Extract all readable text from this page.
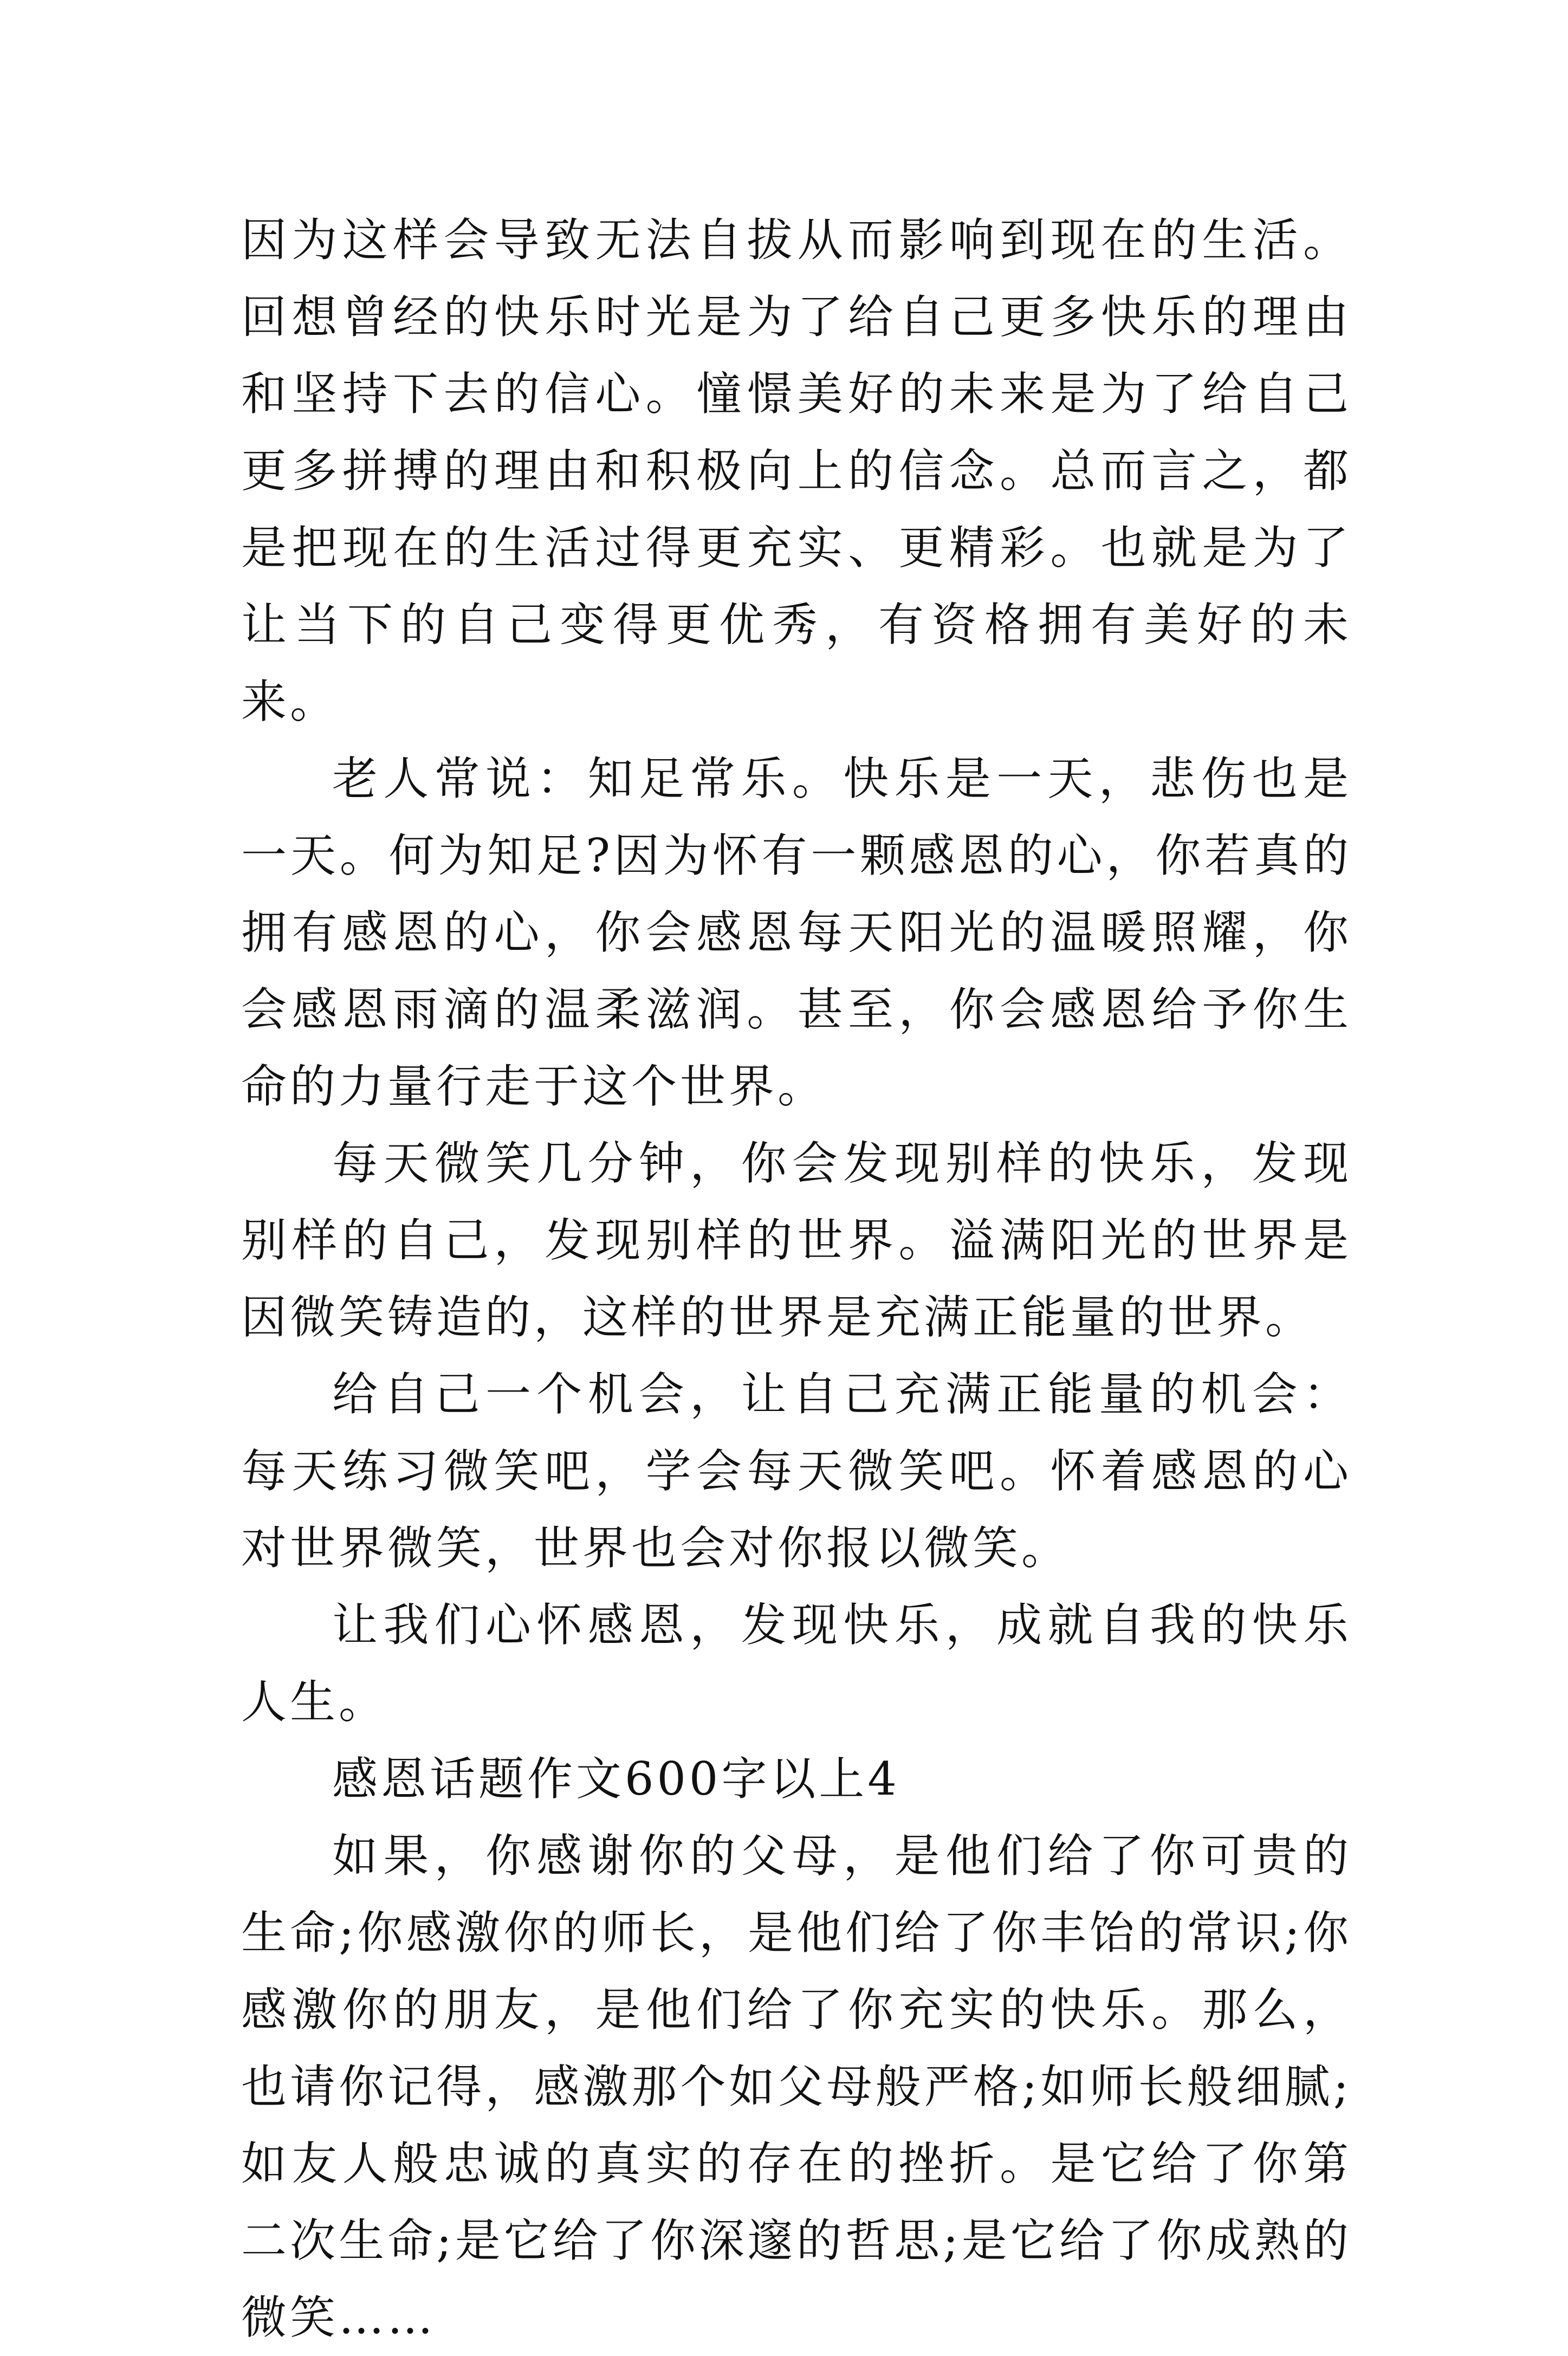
因为这样会导致无法自拔从而影响到现在的生活。回想曾经的快乐时光是为了给自己更多快乐的理由和坚持下去的信心。憧憬美好的未来是为了给自己更多拼搏的理由和积极向上的信念。总而言之，都是把现在的生活过得更充实、更精彩。也就是为了让当下的自己变得更优秀，有资格拥有美好的未来。

老人常说：知足常乐。快乐是一天，悲伤也是一天。何为知足?因为怀有一颗感恩的心，你若真的拥有感恩的心，你会感恩每天阳光的温暖照耀，你会感恩雨滴的温柔滋润。甚至，你会感恩给予你生命的力量行走于这个世界。

每天微笑几分钟，你会发现别样的快乐，发现别样的自己，发现别样的世界。溢满阳光的世界是因微笑铸造的，这样的世界是充满正能量的世界。

给自己一个机会，让自己充满正能量的机会：每天练习微笑吧，学会每天微笑吧。怀着感恩的心对世界微笑，世界也会对你报以微笑。

让我们心怀感恩，发现快乐，成就自我的快乐人生。

感恩话题作文600字以上4

如果，你感谢你的父母，是他们给了你可贵的生命;你感激你的师长，是他们给了你丰饴的常识;你感激你的朋友，是他们给了你充实的快乐。那么，也请你记得，感激那个如父母般严格;如师长般细腻;如友人般忠诚的真实的存在的挫折。是它给了你第二次生命;是它给了你深邃的哲思;是它给了你成熟的微笑……
